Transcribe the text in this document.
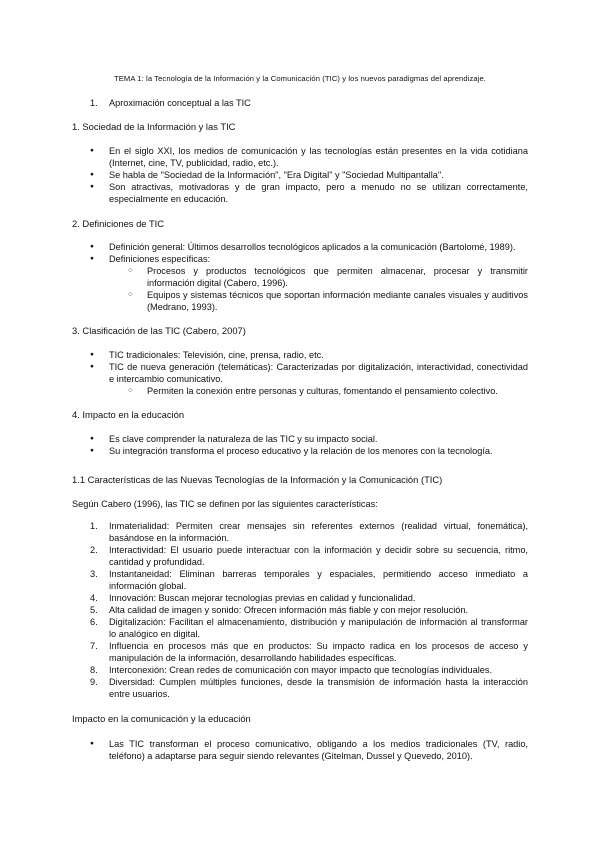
TEMA 1: la Tecnología de la Información y la Comunicación (TIC) y los nuevos paradigmas del aprendizaje.
1. Aproximación conceptual a las TIC
1. Sociedad de la Información y las TIC
● En el siglo XXI, los medios de comunicación y las tecnologías están presentes en la vida cotidiana (Internet, cine, TV, publicidad, radio, etc.).
● Se habla de "Sociedad de la Información", "Era Digital" y "Sociedad Multipantalla".
● Son atractivas, motivadoras y de gran impacto, pero a menudo no se utilizan correctamente, especialmente en educación.
2. Definiciones de TIC
● Definición general: Últimos desarrollos tecnológicos aplicados a la comunicación (Bartolomé, 1989).
● Definiciones específicas:
○ Procesos y productos tecnológicos que permiten almacenar, procesar y transmitir información digital (Cabero, 1996).
○ Equipos y sistemas técnicos que soportan información mediante canales visuales y auditivos (Medrano, 1993).
3. Clasificación de las TIC (Cabero, 2007)
● TIC tradicionales: Televisión, cine, prensa, radio, etc.
● TIC de nueva generación (telemáticas): Caracterizadas por digitalización, interactividad, conectividad e intercambio comunicativo.
○ Permiten la conexión entre personas y culturas, fomentando el pensamiento colectivo.
4. Impacto en la educación
● Es clave comprender la naturaleza de las TIC y su impacto social.
● Su integración transforma el proceso educativo y la relación de los menores con la tecnología.
1.1 Características de las Nuevas Tecnologías de la Información y la Comunicación (TIC)
Según Cabero (1996), las TIC se definen por las siguientes características:
1. Inmaterialidad: Permiten crear mensajes sin referentes externos (realidad virtual, fonemática), basándose en la información.
2. Interactividad: El usuario puede interactuar con la información y decidir sobre su secuencia, ritmo, cantidad y profundidad.
3. Instantaneidad: Eliminan barreras temporales y espaciales, permitiendo acceso inmediato a información global.
4. Innovación: Buscan mejorar tecnologías previas en calidad y funcionalidad.
5. Alta calidad de imagen y sonido: Ofrecen información más fiable y con mejor resolución.
6. Digitalización: Facilitan el almacenamiento, distribución y manipulación de información al transformar lo analógico en digital.
7. Influencia en procesos más que en productos: Su impacto radica en los procesos de acceso y manipulación de la información, desarrollando habilidades específicas.
8. Interconexión: Crean redes de comunicación con mayor impacto que tecnologías individuales.
9. Diversidad: Cumplen múltiples funciones, desde la transmisión de información hasta la interacción entre usuarios.
Impacto en la comunicación y la educación
● Las TIC transforman el proceso comunicativo, obligando a los medios tradicionales (TV, radio, teléfono) a adaptarse para seguir siendo relevantes (Gitelman, Dussel y Quevedo, 2010).
